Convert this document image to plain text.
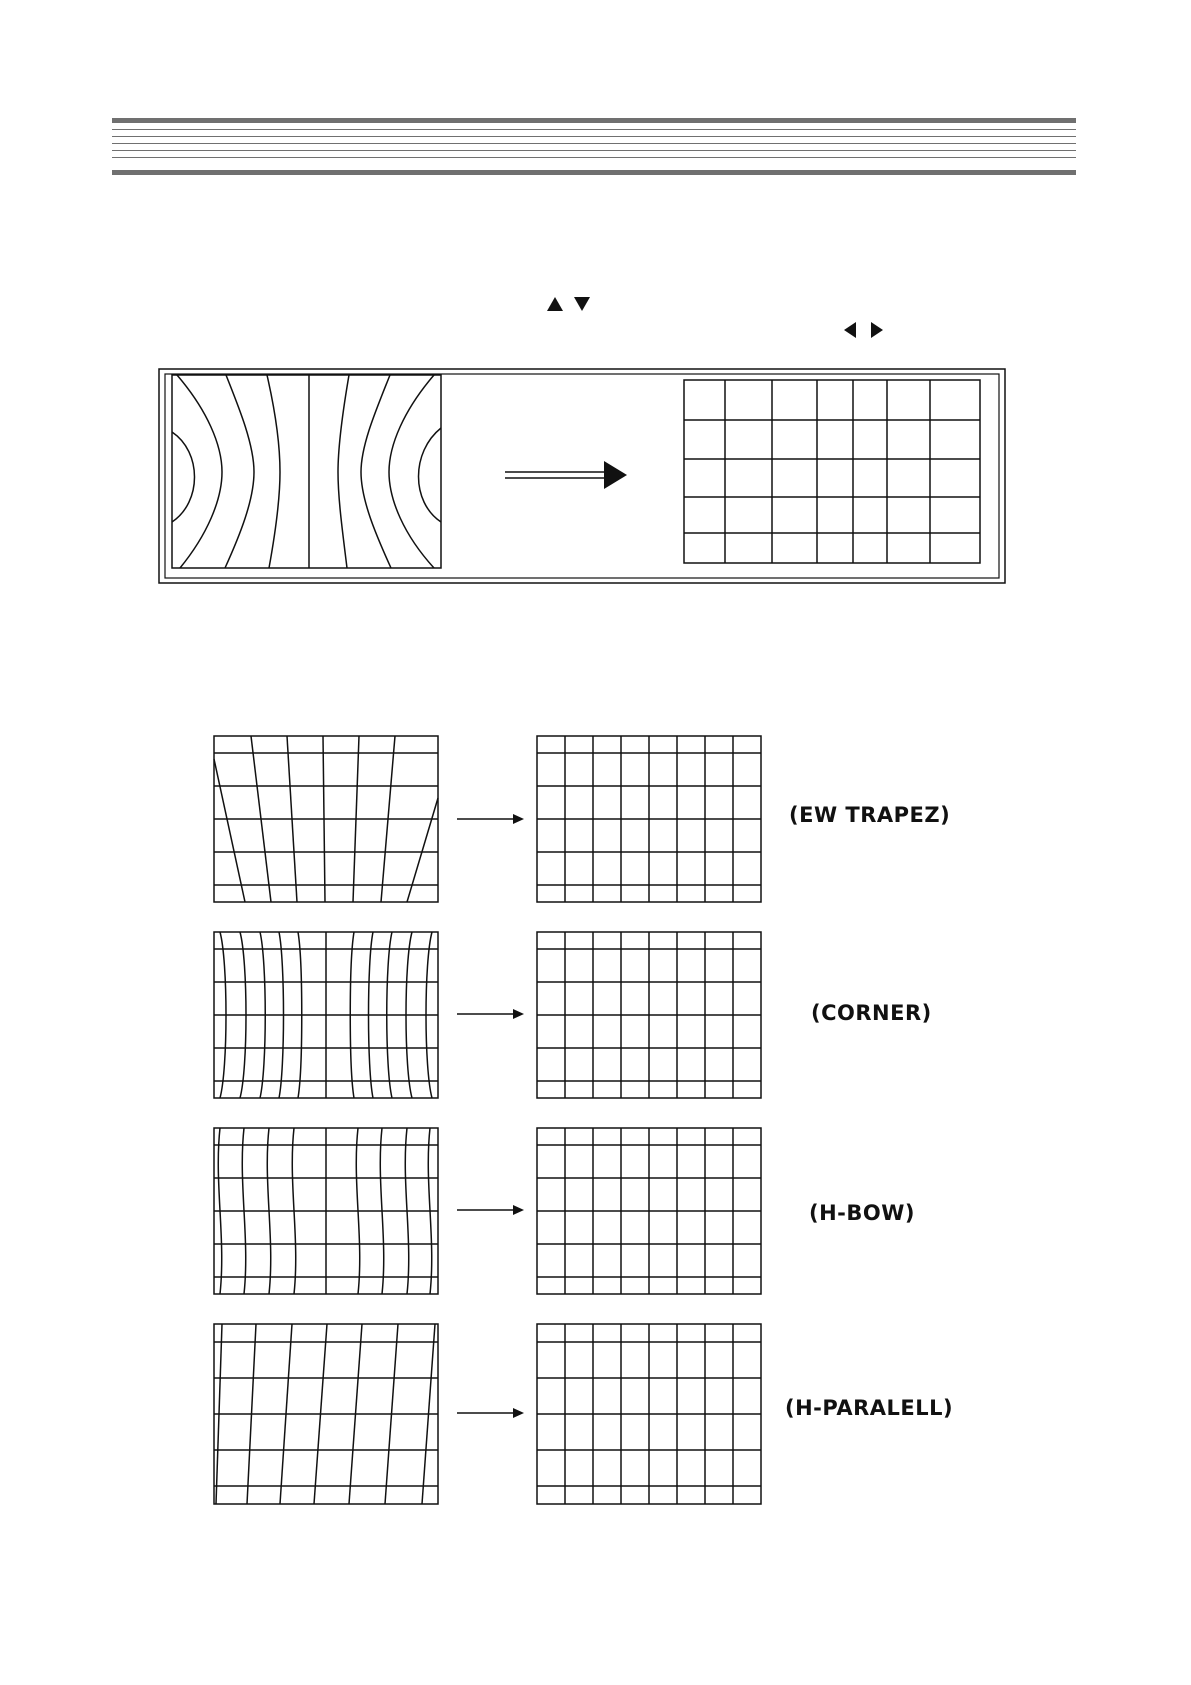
(EW TRAPEZ)
(CORNER)
(H-BOW)
(H-PARALELL)
